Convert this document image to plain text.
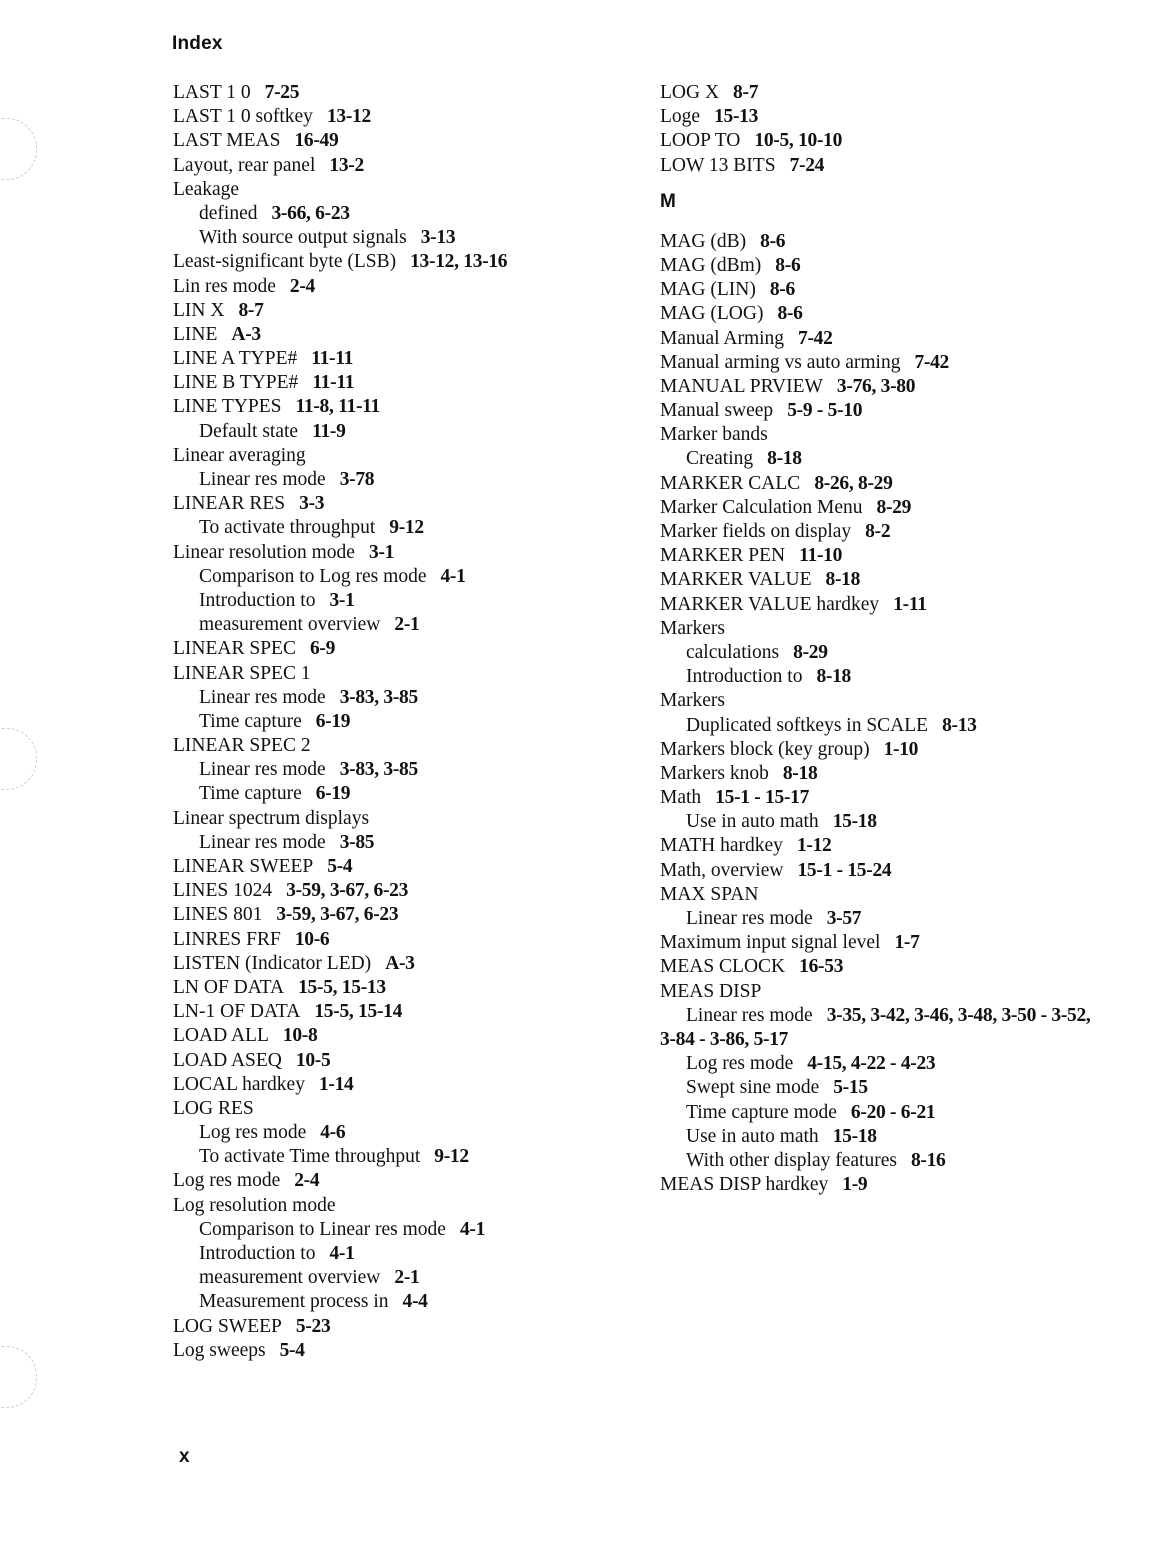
Index
LAST 1 0 7-25
LAST 1 0 softkey 13-12
LAST MEAS 16-49
Layout, rear panel 13-2
Leakage
defined 3-66, 6-23
With source output signals 3-13
Least-significant byte (LSB) 13-12, 13-16
Lin res mode 2-4
LIN X 8-7
LINE A-3
LINE A TYPE# 11-11
LINE B TYPE# 11-11
LINE TYPES 11-8, 11-11
Default state 11-9
Linear averaging
Linear res mode 3-78
LINEAR RES 3-3
To activate throughput 9-12
Linear resolution mode 3-1
Comparison to Log res mode 4-1
Introduction to 3-1
measurement overview 2-1
LINEAR SPEC 6-9
LINEAR SPEC 1
Linear res mode 3-83, 3-85
Time capture 6-19
LINEAR SPEC 2
Linear res mode 3-83, 3-85
Time capture 6-19
Linear spectrum displays
Linear res mode 3-85
LINEAR SWEEP 5-4
LINES 1024 3-59, 3-67, 6-23
LINES 801 3-59, 3-67, 6-23
LINRES FRF 10-6
LISTEN (Indicator LED) A-3
LN OF DATA 15-5, 15-13
LN-1 OF DATA 15-5, 15-14
LOAD ALL 10-8
LOAD ASEQ 10-5
LOCAL hardkey 1-14
LOG RES
Log res mode 4-6
To activate Time throughput 9-12
Log res mode 2-4
Log resolution mode
Comparison to Linear res mode 4-1
Introduction to 4-1
measurement overview 2-1
Measurement process in 4-4
LOG SWEEP 5-23
Log sweeps 5-4
LOG X 8-7
Loge 15-13
LOOP TO 10-5, 10-10
LOW 13 BITS 7-24
M
MAG (dB) 8-6
MAG (dBm) 8-6
MAG (LIN) 8-6
MAG (LOG) 8-6
Manual Arming 7-42
Manual arming vs auto arming 7-42
MANUAL PRVIEW 3-76, 3-80
Manual sweep 5-9 - 5-10
Marker bands
Creating 8-18
MARKER CALC 8-26, 8-29
Marker Calculation Menu 8-29
Marker fields on display 8-2
MARKER PEN 11-10
MARKER VALUE 8-18
MARKER VALUE hardkey 1-11
Markers
calculations 8-29
Introduction to 8-18
Markers
Duplicated softkeys in SCALE 8-13
Markers block (key group) 1-10
Markers knob 8-18
Math 15-1 - 15-17
Use in auto math 15-18
MATH hardkey 1-12
Math, overview 15-1 - 15-24
MAX SPAN
Linear res mode 3-57
Maximum input signal level 1-7
MEAS CLOCK 16-53
MEAS DISP
Linear res mode 3-35, 3-42, 3-46, 3-48, 3-50 - 3-52,
3-84 - 3-86, 5-17
Log res mode 4-15, 4-22 - 4-23
Swept sine mode 5-15
Time capture mode 6-20 - 6-21
Use in auto math 15-18
With other display features 8-16
MEAS DISP hardkey 1-9
x
